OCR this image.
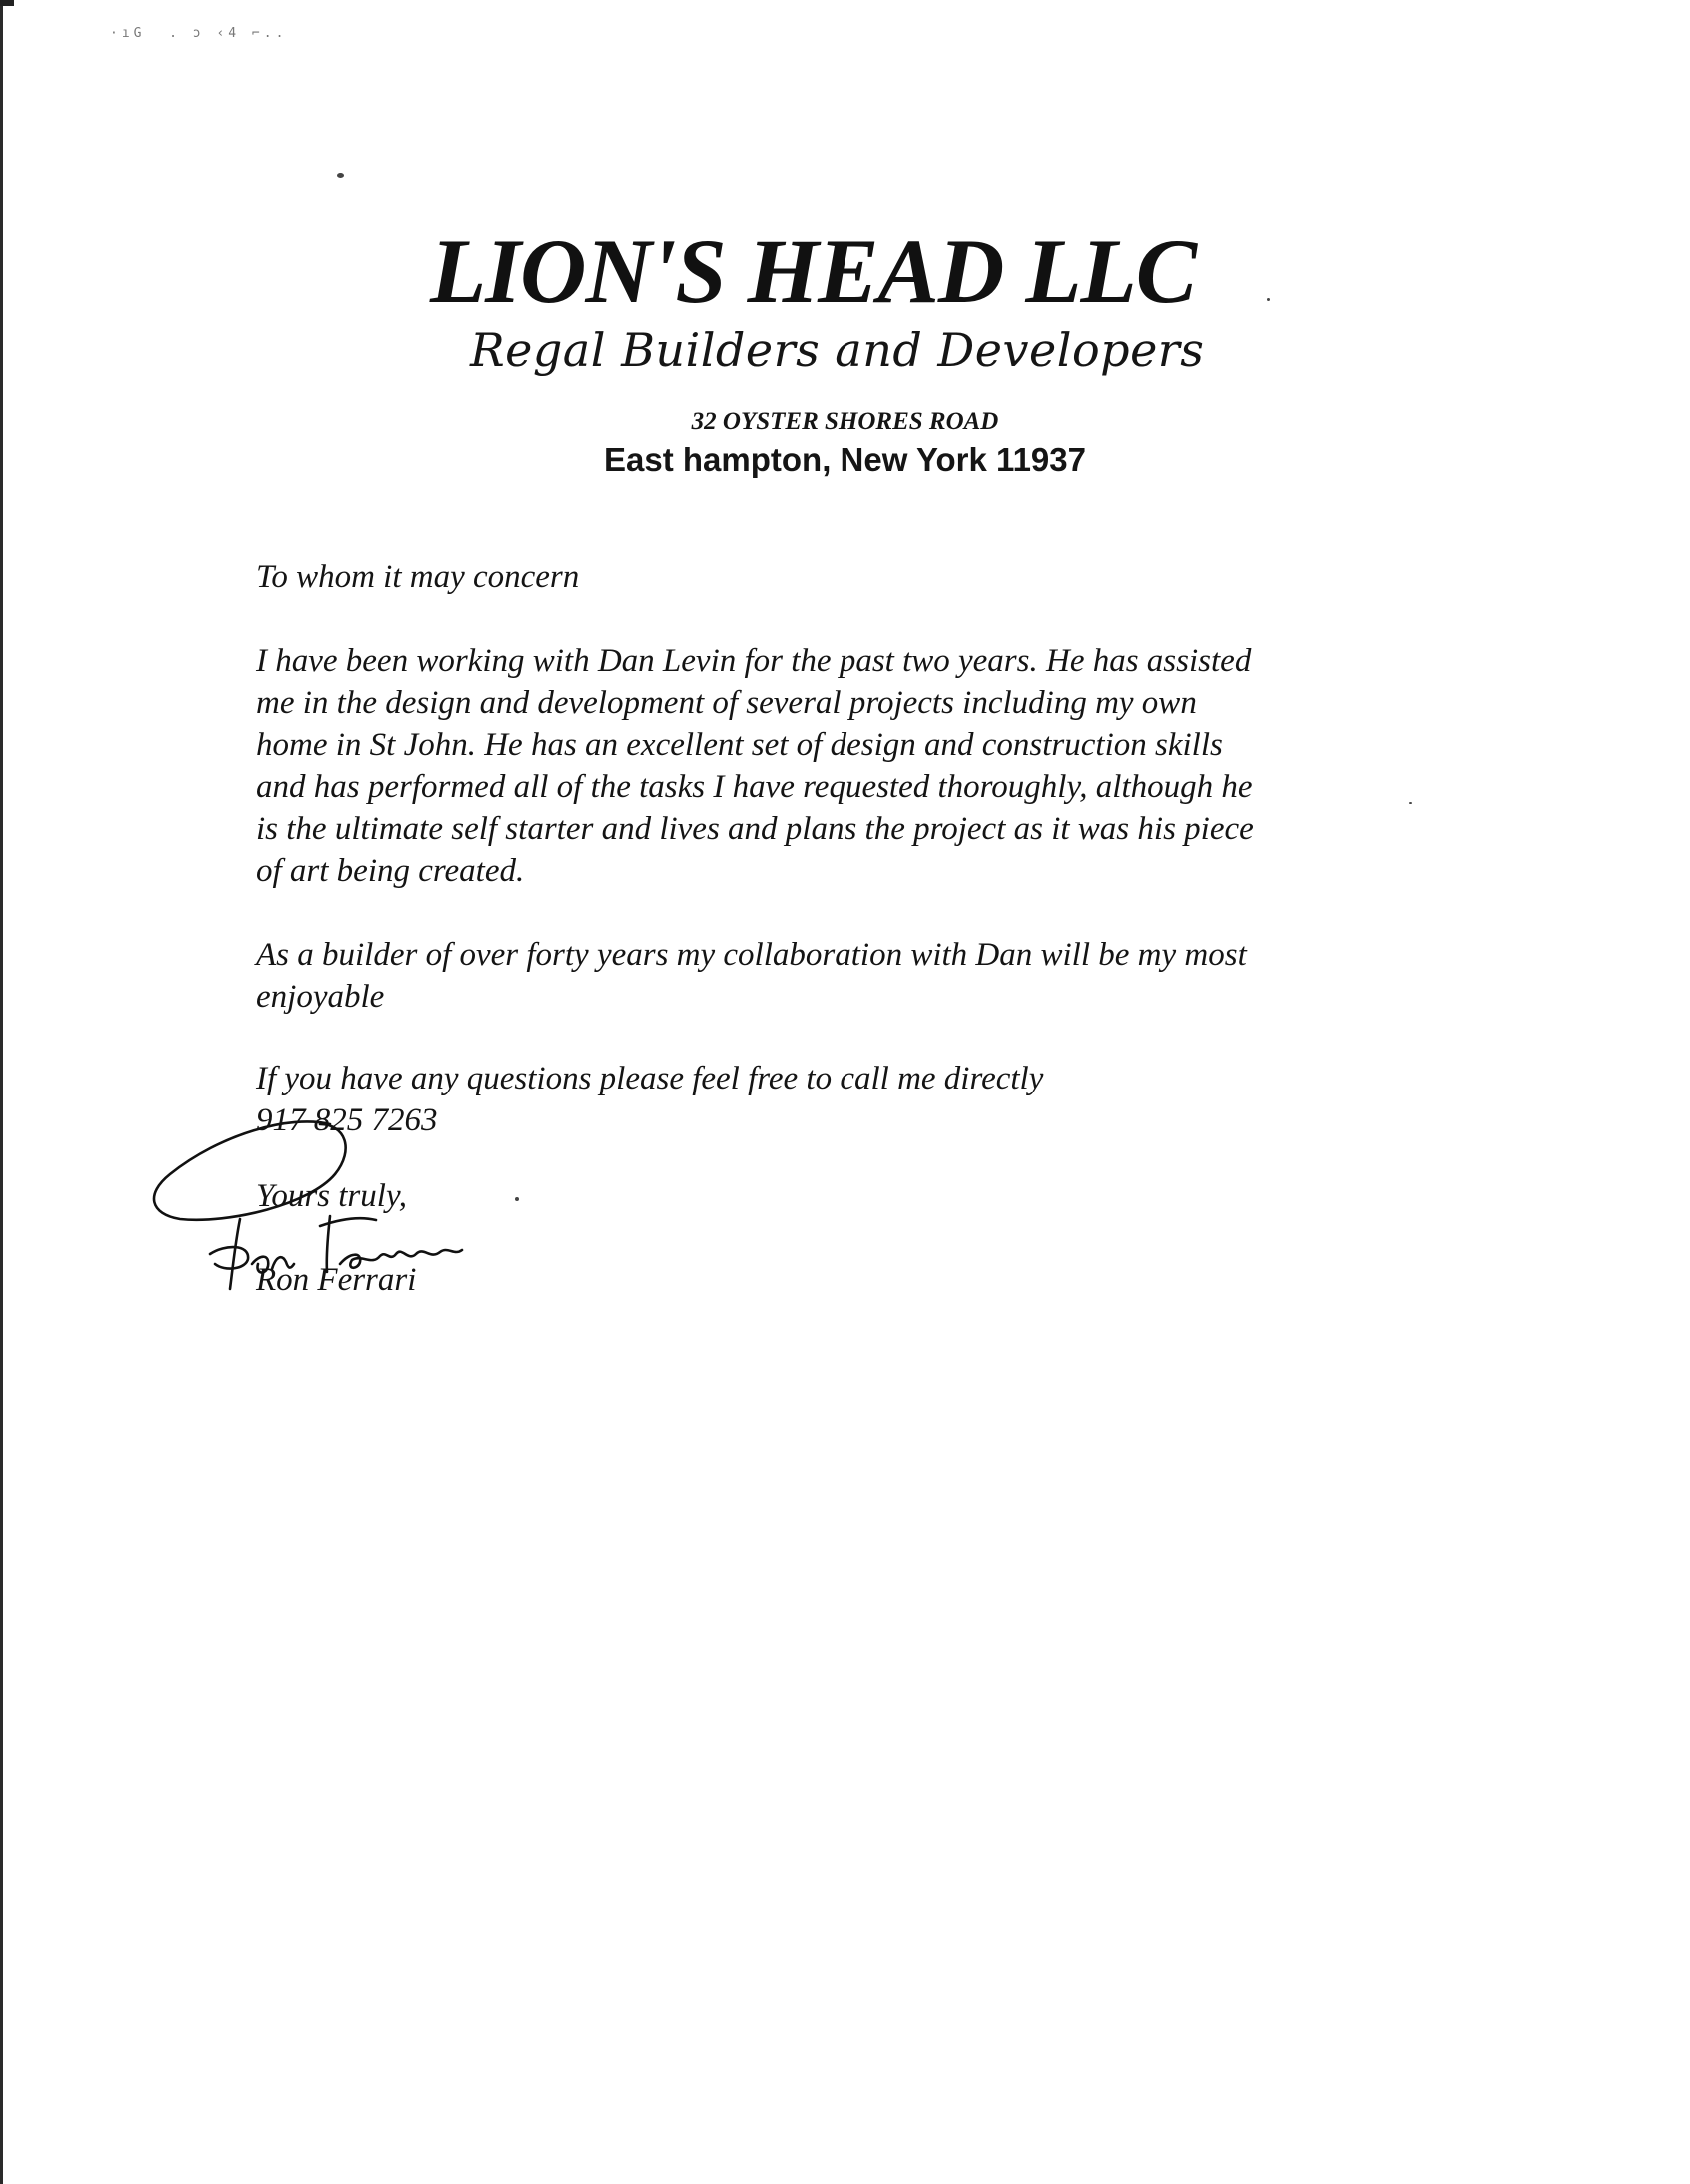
·ıG  . ɔ ‹4 ⌐..
LION'S HEAD LLC
Regal Builders and Developers
32 OYSTER SHORES ROAD
East hampton, New York 11937
To whom it may concern
I have been working with Dan Levin for the past two years. He has assisted
me in the design and development of several projects including my own
home in St John. He has an excellent set of design and construction skills
and has performed all of the tasks I have requested thoroughly, although he
is the ultimate self starter and lives and plans the project as it was his piece
of art being created.
As a builder of over forty years my collaboration with Dan will be my most
enjoyable
If you have any questions please feel free to call me directly
917 825 7263
Yours truly,
Ron Ferrari
